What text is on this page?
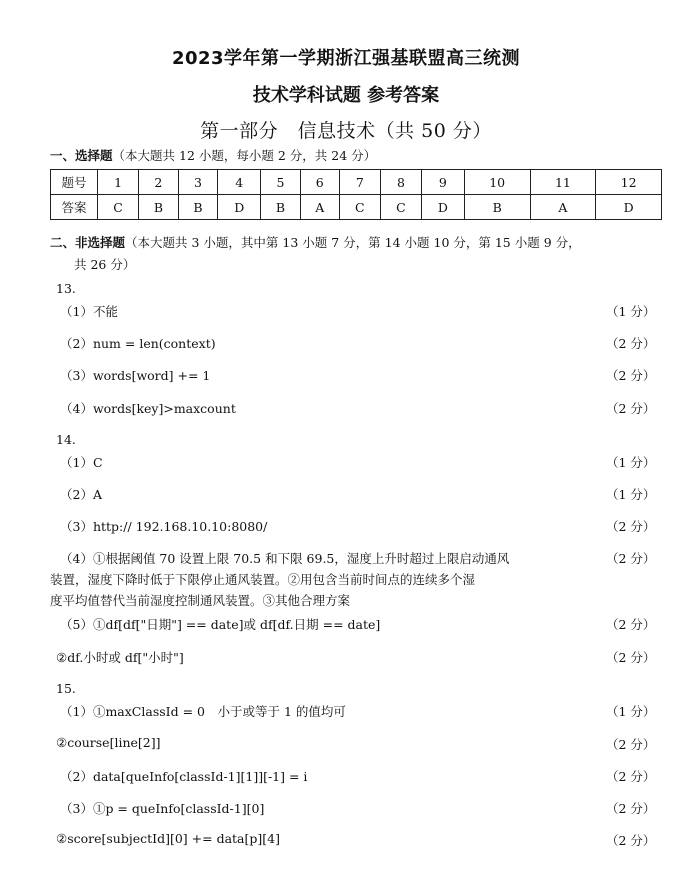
2023学年第一学期浙江强基联盟高三统测
技术学科试题 参考答案
第一部分　信息技术（共 50 分）
一、选择题（本大题共 12 小题，每小题 2 分，共 24 分）
题号	1	2	3	4	5	6	7	8	9	10	11	12
答案	C	B	B	D	B	A	C	C	D	B	A	D
二、非选择题（本大题共 3 小题，其中第 13 小题 7 分，第 14 小题 10 分，第 15 小题 9 分，
共 26 分）
13.
（1）不能	（1 分）
（2）num = len(context)	（2 分）
（3）words[word] += 1	（2 分）
（4）words[key]>maxcount	（2 分）
14.
（1）C	（1 分）
（2）A	（1 分）
（3）http:// 192.168.10.10:8080/	（2 分）
（4）①根据阈值 70 设置上限 70.5 和下限 69.5，湿度上升时超过上限启动通风	（2 分）
装置，湿度下降时低于下限停止通风装置。②用包含当前时间点的连续多个湿
度平均值替代当前湿度控制通风装置。③其他合理方案
（5）①df[df["日期"] == date]或 df[df.日期 == date]	（2 分）
②df.小时或 df["小时"]	（2 分）
15.
（1）①maxClassId = 0　小于或等于 1 的值均可	（1 分）
②course[line[2]]	（2 分）
（2）data[queInfo[classId-1][1]][-1] = i	（2 分）
（3）①p = queInfo[classId-1][0]	（2 分）
②score[subjectId][0] += data[p][4]	（2 分）
